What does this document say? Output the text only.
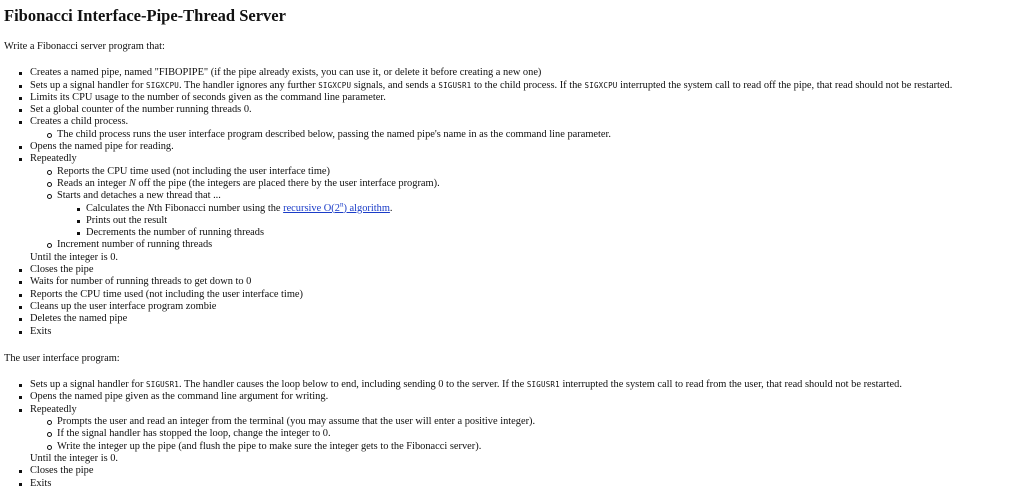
Fibonacci Interface-Pipe-Thread Server

Write a Fibonacci server program that:

Creates a named pipe, named "FIBOPIPE" (if the pipe already exists, you can use it, or delete it before creating a new one)
Sets up a signal handler for SIGXCPU. The handler ignores any further SIGXCPU signals, and sends a SIGUSR1 to the child process. If the SIGXCPU interrupted the system call to read off the pipe, that read should not be restarted.
Limits its CPU usage to the number of seconds given as the command line parameter.
Set a global counter of the number running threads 0.
Creates a child process.
The child process runs the user interface program described below, passing the named pipe's name in as the command line parameter.
Opens the named pipe for reading.
Repeatedly
Reports the CPU time used (not including the user interface time)
Reads an integer N off the pipe (the integers are placed there by the user interface program).
Starts and detaches a new thread that ...
Calculates the Nth Fibonacci number using the recursive O(2$^n$) algorithm.
Prints out the result
Decrements the number of running threads
Increment number of running threads
Until the integer is 0.
Closes the pipe
Waits for number of running threads to get down to 0
Reports the CPU time used (not including the user interface time)
Cleans up the user interface program zombie
Deletes the named pipe
Exits

The user interface program:

Sets up a signal handler for SIGUSR1. The handler causes the loop below to end, including sending 0 to the server. If the SIGUSR1 interrupted the system call to read from the user, that read should not be restarted.
Opens the named pipe given as the command line argument for writing.
Repeatedly
Prompts the user and read an integer from the terminal (you may assume that the user will enter a positive integer).
If the signal handler has stopped the loop, change the integer to 0.
Write the integer up the pipe (and flush the pipe to make sure the integer gets to the Fibonacci server).
Until the integer is 0.
Closes the pipe
Exits
